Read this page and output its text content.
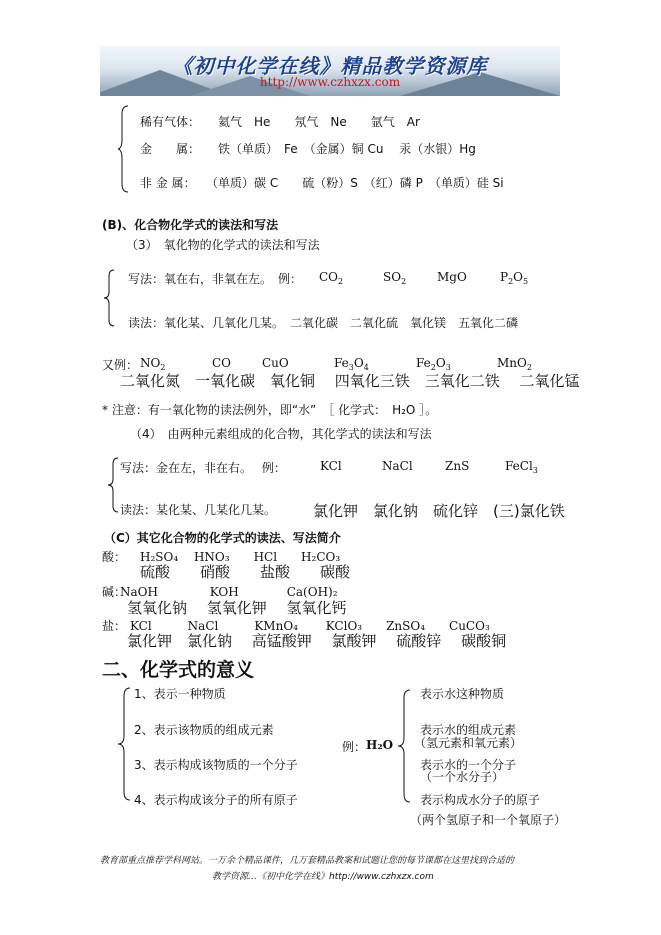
《初中化学在线》精品教学资源库
http://www.czhxzx.com
稀有气体： 氦气　He　　氖气　Ne　　氩气　Ar
金　　属： 铁（单质）　Fe　（金属）铜 Cu　 汞（水银）Hg
非 金 属： （单质）碳 C　　硫（粉）S　（红）磷 P　（单质）硅 Si
(B)、化合物化学式的读法和写法
（3）　氧化物的化学式的读法和写法
写法：氧在右，非氧在左。　例： $CO_2$	$SO_2$	MgO	$P_2O_5$
读法：氧化某、几氧化几某。　二氧化碳　二氧化硫　氧化镁　五氧化二磷
又例： $NO_2$	CO	CuO	$Fe_3O_4$	$Fe_2O_3$	MnO$_2$
二氧化氮　一氧化碳　氧化铜　 四氧化三铁　三氧化二铁　 二氧化锰
* 注意：有一氧化物的读法例外，即“水”　［ 化学式：　H₂O ］。
（4）　由两种元素组成的化合物，其化学式的读法和写法
写法：金在左，非在右。　 例：	KCl	NaCl	ZnS	FeCl$_3$
读法：某化某、几某化几某。 氯化钾　氯化钠　硫化锌　(三)氯化铁
（C）其它化合物的化学式的读法、写法简介
酸： H₂SO₄　 HNO₃　　HCl　　H₂CO₃
硫酸　　硝酸　　盐酸　　碳酸
碱：
NaOH　　　　 KOH　　　　Ca(OH)₂
氢氧化钠　 氢氧化钾　 氢氧化钙
盐： KCl　　　NaCl　　　KMnO₄　　 KClO₃　　ZnSO₄　　CuCO₃
氯化钾　氯化钠　 高锰酸钾　 氯酸钾　 硫酸锌　 碳酸铜
二、化学式的意义
1、表示一种物质
2、表示该物质的组成元素
3、表示构成该物质的一个分子
4、表示构成该分子的所有原子
例： H₂O
表示水这种物质
表示水的组成元素
（氢元素和氧元素）
表示水的一个分子
（一个水分子）
表示构成水分子的原子
（两个氢原子和一个氧原子）
教育部重点推荐学科网站。一万余个精品课件，几万套精品教案和试题让您的每节课都在这里找到合适的
教学资源…《初中化学在线》http://www.czhxzx.com
